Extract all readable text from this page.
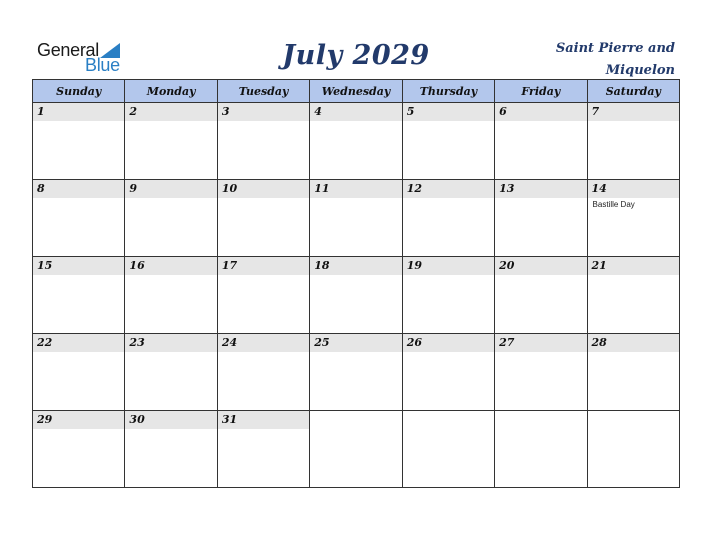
General
Blue	July 2029	Saint Pierre and Miquelon
Sunday	Monday	Tuesday	Wednesday	Thursday	Friday	Saturday

1	2	3	4	5	6	7

8	9	10	11	12	13	14
Bastille Day

15	16	17	18	19	20	21

22	23	24	25	26	27	28

29	30	31				
